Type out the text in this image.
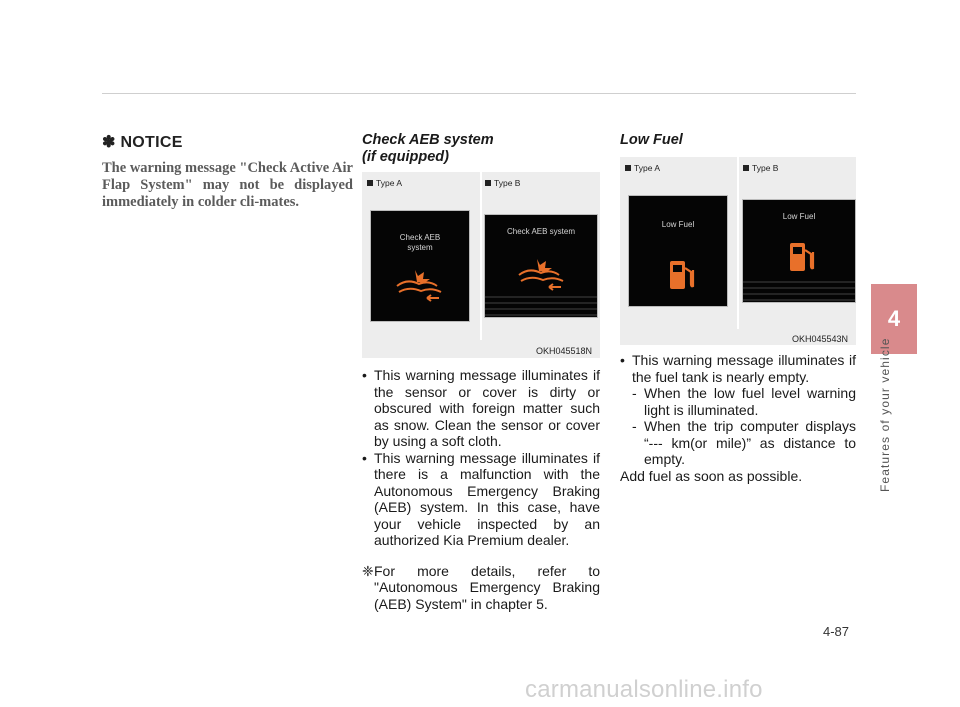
4
Features of your vehicle

✽ NOTICE

The warning message "Check Active Air Flap System" may not be displayed immediately in colder cli-mates.

Check AEB system
(if equipped)

Type A	Type B
Check AEB
system
Check AEB system
OKH045518N
• This warning message illuminates if the sensor or cover is dirty or obscured with foreign matter such as snow. Clean the sensor or cover by using a soft cloth.
• This warning message illuminates if there is a malfunction with the Autonomous Emergency Braking (AEB) system. In this case, have your vehicle inspected by an authorized Kia Premium dealer.

❈ For more details, refer to "Autonomous Emergency Braking (AEB) System" in chapter 5.

Low Fuel

Type A	Type B
Low Fuel
Low Fuel
OKH045543N
• This warning message illuminates if the fuel tank is nearly empty.
- When the low fuel level warning light is illuminated.
- When the trip computer displays “--- km(or mile)” as distance to empty.

Add fuel as soon as possible.

4-87
carmanualsonline.info
